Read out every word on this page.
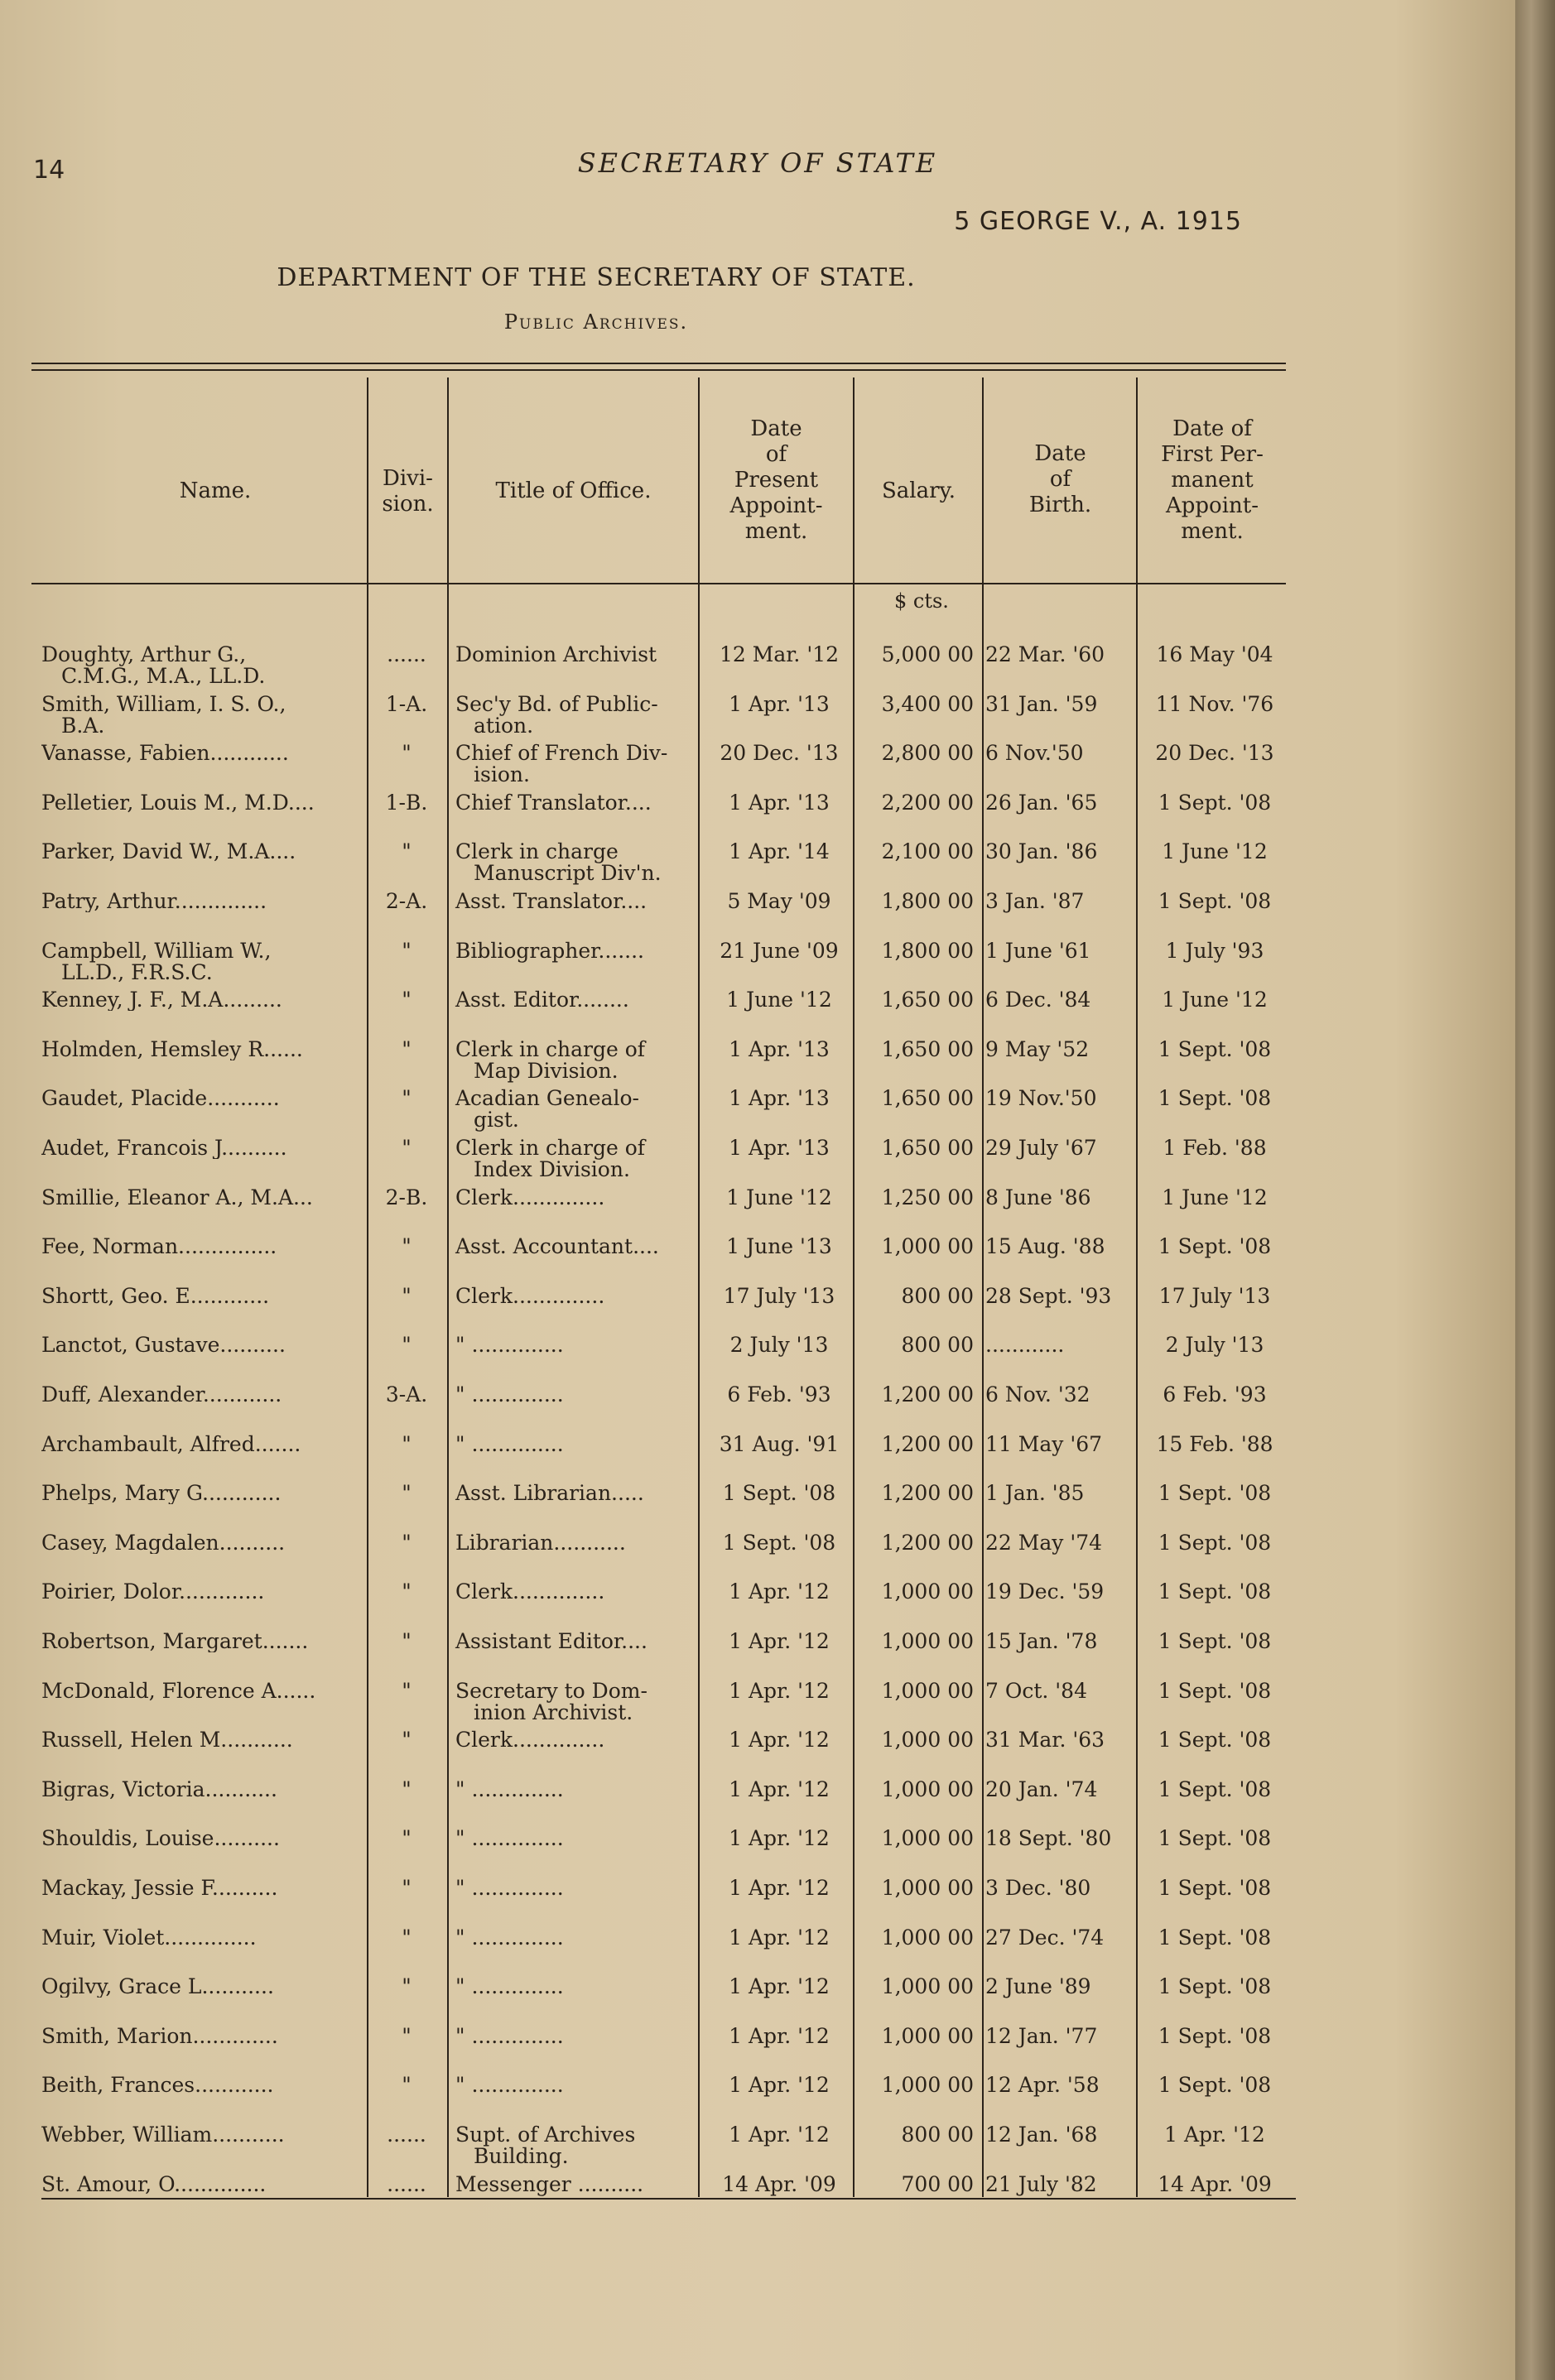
14	SECRETARY OF STATE
5 GEORGE V., A. 1915
DEPARTMENT OF THE SECRETARY OF STATE.
Public Archives.
Name.	Divi-
sion.
Title of Office.
Date
of
Present
Appoint-
ment.
Salary.
Date
of
Birth.
Date of
First Per-
manent
Appoint-
ment.
$ cts.
Doughty, Arthur G.,
C.M.G., M.A., LL.D.
......	Dominion Archivist	12 Mar. '12	5,000 00 22 Mar. '60	16 May '04
Smith, William, I. S. O.,
B.A.
1-A.	Sec'y Bd. of Public-
ation.
1 Apr. '13	3,400 00 31 Jan. '59	11 Nov. '76
Vanasse, Fabien............	"	Chief of French Div-
ision.
20 Dec. '13	2,800 00 6 Nov.'50	20 Dec. '13
Pelletier, Louis M., M.D....	1-B.	Chief Translator....	1 Apr. '13	2,200 00 26 Jan. '65	1 Sept. '08
Parker, David W., M.A....	"	Clerk in charge
Manuscript Div'n.
1 Apr. '14	2,100 00 30 Jan. '86	1 June '12
Patry, Arthur..............	2-A.	Asst. Translator....	5 May '09	1,800 00 3 Jan. '87	1 Sept. '08
Campbell, William W.,
LL.D., F.R.S.C.
"	Bibliographer.......	21 June '09	1,800 00 1 June '61	1 July '93
Kenney, J. F., M.A.........	"	Asst. Editor........	1 June '12	1,650 00 6 Dec. '84	1 June '12
Holmden, Hemsley R......	"	Clerk in charge of
Map Division.
1 Apr. '13	1,650 00 9 May '52	1 Sept. '08
Gaudet, Placide...........	"	Acadian Genealo-
gist.
1 Apr. '13	1,650 00 19 Nov.'50	1 Sept. '08
Audet, Francois J..........	"	Clerk in charge of
Index Division.
1 Apr. '13	1,650 00 29 July '67	1 Feb. '88
Smillie, Eleanor A., M.A...	2-B.	Clerk..............	1 June '12	1,250 00 8 June '86	1 June '12
Fee, Norman...............	"	Asst. Accountant....	1 June '13	1,000 00 15 Aug. '88	1 Sept. '08
Shortt, Geo. E............	"	Clerk..............	17 July '13	800 00 28 Sept. '93	17 July '13
Lanctot, Gustave..........	"	" ..............	2 July '13	800 00 ............	2 July '13
Duff, Alexander............	3-A.	" ..............	6 Feb. '93	1,200 00 6 Nov. '32	6 Feb. '93
Archambault, Alfred.......	"	" ..............	31 Aug. '91	1,200 00 11 May '67	15 Feb. '88
Phelps, Mary G............	"	Asst. Librarian.....	1 Sept. '08	1,200 00 1 Jan. '85	1 Sept. '08
Casey, Magdalen..........	"	Librarian...........	1 Sept. '08	1,200 00 22 May '74	1 Sept. '08
Poirier, Dolor.............	"	Clerk..............	1 Apr. '12	1,000 00 19 Dec. '59	1 Sept. '08
Robertson, Margaret.......	"	Assistant Editor....	1 Apr. '12	1,000 00 15 Jan. '78	1 Sept. '08
McDonald, Florence A......	"	Secretary to Dom-
inion Archivist.
1 Apr. '12	1,000 00 7 Oct. '84	1 Sept. '08
Russell, Helen M...........	"	Clerk..............	1 Apr. '12	1,000 00 31 Mar. '63	1 Sept. '08
Bigras, Victoria...........	"	" ..............	1 Apr. '12	1,000 00 20 Jan. '74	1 Sept. '08
Shouldis, Louise..........	"	" ..............	1 Apr. '12	1,000 00 18 Sept. '80	1 Sept. '08
Mackay, Jessie F..........	"	" ..............	1 Apr. '12	1,000 00 3 Dec. '80	1 Sept. '08
Muir, Violet..............	"	" ..............	1 Apr. '12	1,000 00 27 Dec. '74	1 Sept. '08
Ogilvy, Grace L...........	"	" ..............	1 Apr. '12	1,000 00 2 June '89	1 Sept. '08
Smith, Marion.............	"	" ..............	1 Apr. '12	1,000 00 12 Jan. '77	1 Sept. '08
Beith, Frances............	"	" ..............	1 Apr. '12	1,000 00 12 Apr. '58	1 Sept. '08
Webber, William...........	......	Supt. of Archives
Building.
1 Apr. '12	800 00 12 Jan. '68	1 Apr. '12
St. Amour, O..............	......	Messenger ..........	14 Apr. '09	700 00 21 July '82	14 Apr. '09
